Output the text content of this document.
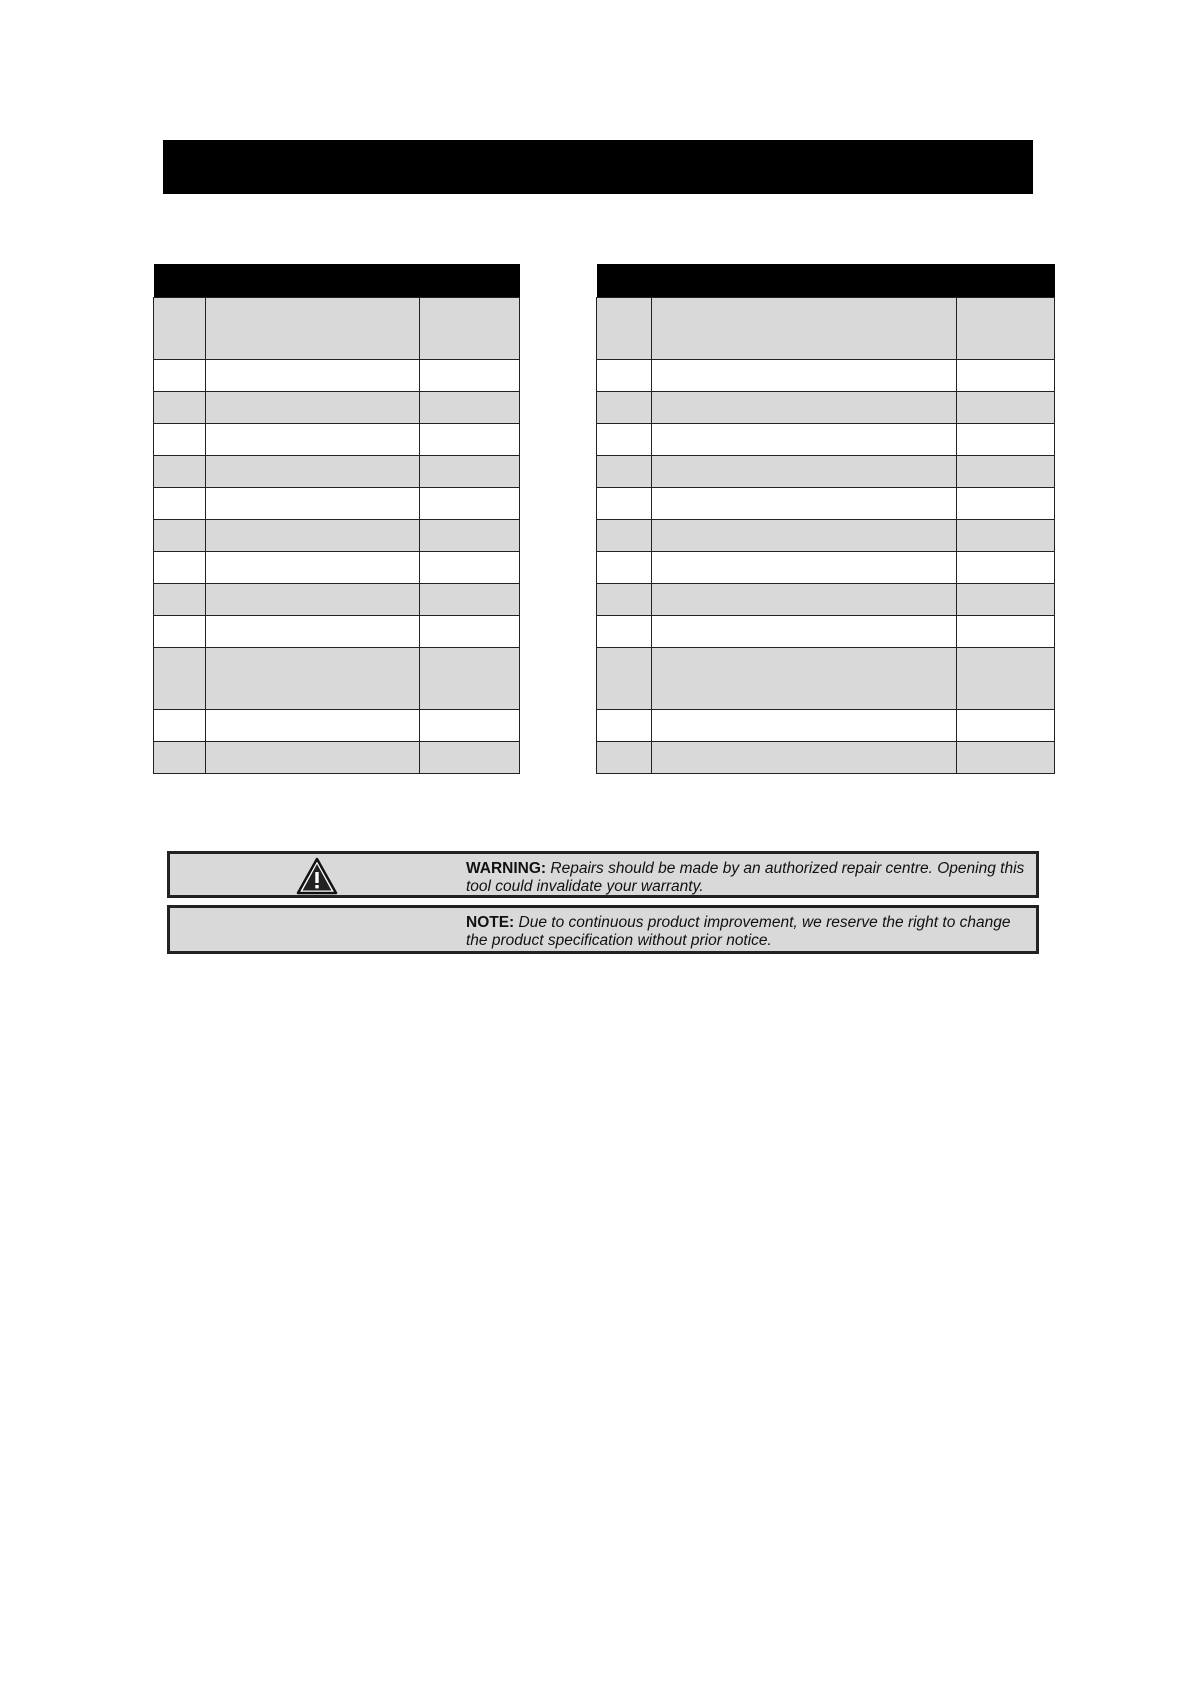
WARNING: Repairs should be made by an authorized repair centre. Opening this tool could invalidate your warranty.
NOTE: Due to continuous product improvement, we reserve the right to change the product specification without prior notice.
